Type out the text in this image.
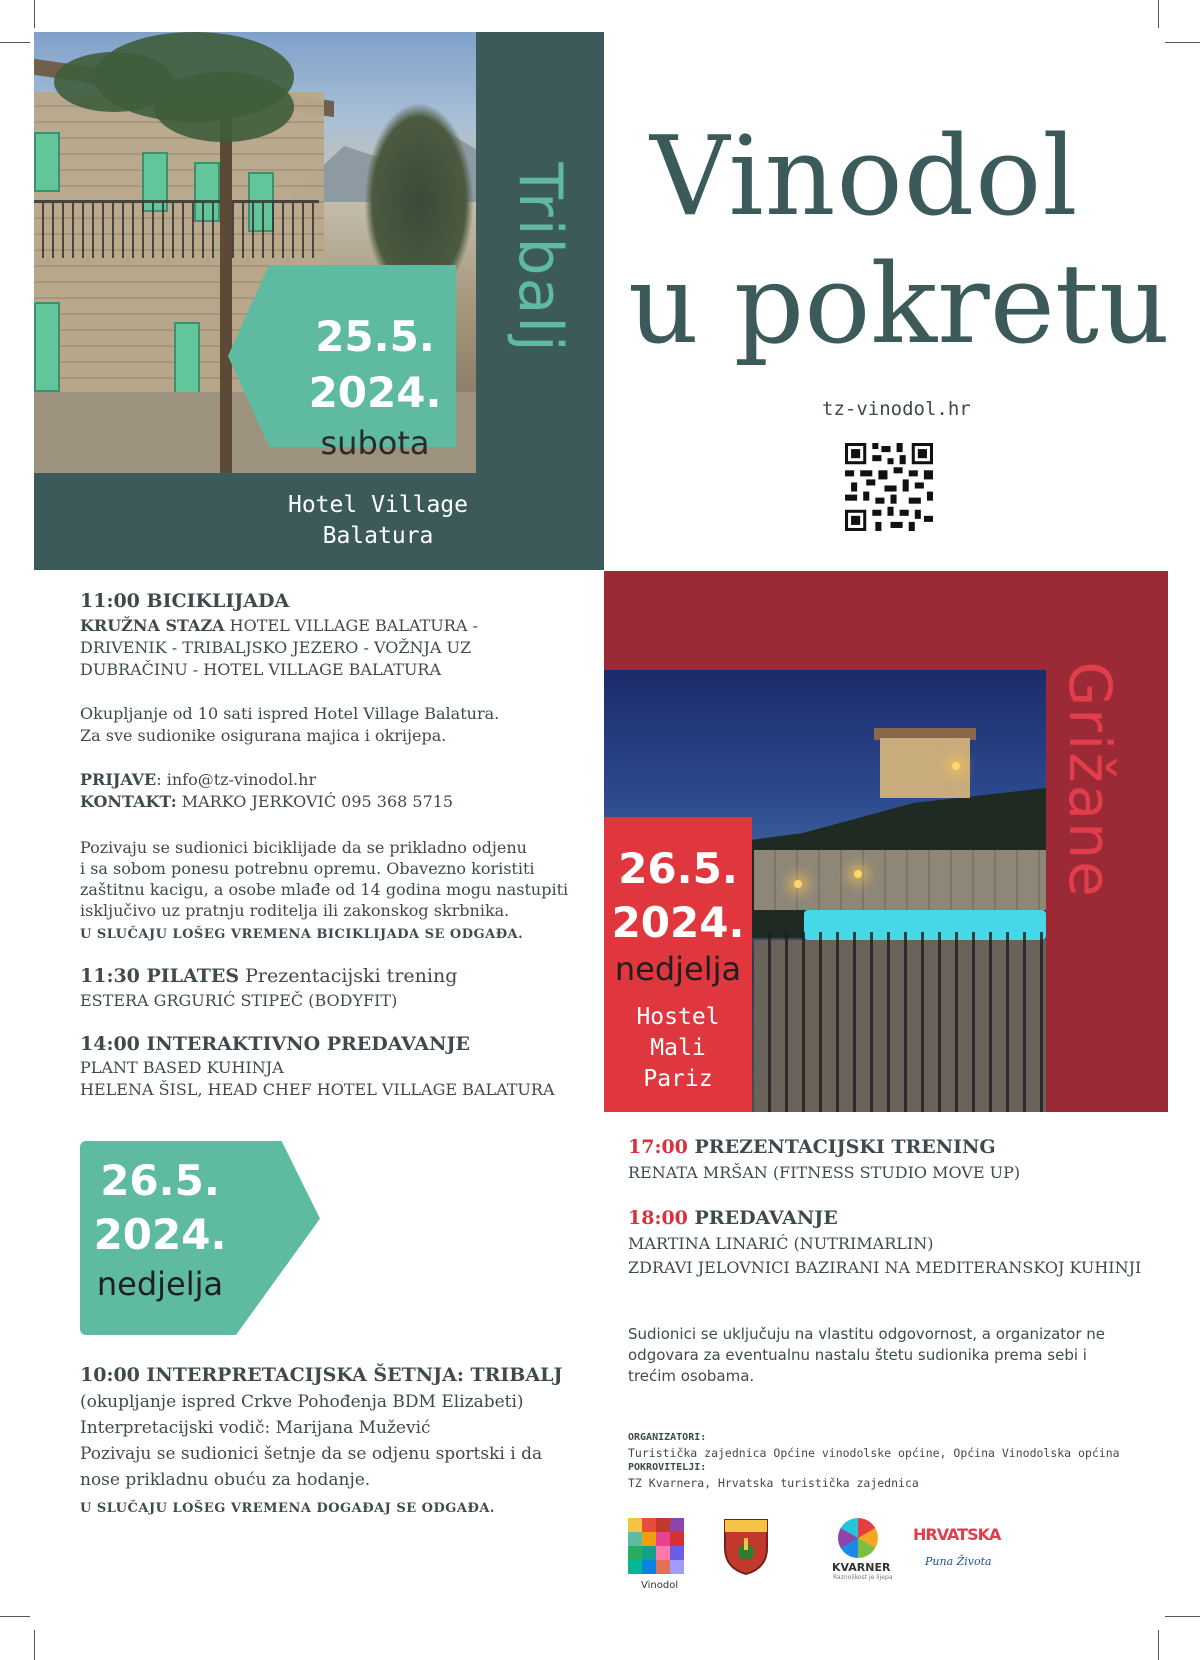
25.5.
2024.
subota
Tribalj
Hotel Village
Balatura
Vinodol
u pokretu
tz-vinodol.hr
11:00 BICIKLIJADA
KRUŽNA STAZA HOTEL VILLAGE BALATURA -
DRIVENIK - TRIBALJSKO JEZERO - VOŽNJA UZ
DUBRAČINU - HOTEL VILLAGE BALATURA
Okupljanje od 10 sati ispred Hotel Village Balatura.
Za sve sudionike osigurana majica i okrijepa.
PRIJAVE: info@tz-vinodol.hr
KONTAKT: MARKO JERKOVIĆ 095 368 5715
Pozivaju se sudionici biciklijade da se prikladno odjenu
i sa sobom ponesu potrebnu opremu. Obavezno koristiti
zaštitnu kacigu, a osobe mlađe od 14 godina mogu nastupiti
isključivo uz pratnju roditelja ili zakonskog skrbnika.
U SLUČAJU LOŠEG VREMENA BICIKLIJADA SE ODGAĐA.
11:30 PILATES Prezentacijski trening
ESTERA GRGURIĆ STIPEČ (BODYFIT)
14:00 INTERAKTIVNO PREDAVANJE
PLANT BASED KUHINJA
HELENA ŠISL, HEAD CHEF HOTEL VILLAGE BALATURA
26.5.
2024.
nedjelja
10:00 INTERPRETACIJSKA ŠETNJA: TRIBALJ
(okupljanje ispred Crkve Pohođenja BDM Elizabeti)
Interpretacijski vodič: Marijana Mužević
Pozivaju se sudionici šetnje da se odjenu sportski i da
nose prikladnu obuću za hodanje.
U SLUČAJU LOŠEG VREMENA DOGAĐAJ SE ODGAĐA.
Grižane
26.5.
2024.
nedjelja
Hostel
Mali
Pariz
17:00 PREZENTACIJSKI TRENING
RENATA MRŠAN (FITNESS STUDIO MOVE UP)
18:00 PREDAVANJE
MARTINA LINARIĆ (NUTRIMARLIN)
ZDRAVI JELOVNICI BAZIRANI NA MEDITERANSKOJ KUHINJI
Sudionici se uključuju na vlastitu odgovornost, a organizator ne
odgovara za eventualnu nastalu štetu sudionika prema sebi i
trećim osobama.
ORGANIZATORI:
Turistička zajednica Općine vinodolske općine, Općina Vinodolska općina
POKROVITELJI:
TZ Kvarnera, Hrvatska turistička zajednica
Vinodol
KVARNER
Raznolikost je lijepa
HRVATSKA
Puna Života
